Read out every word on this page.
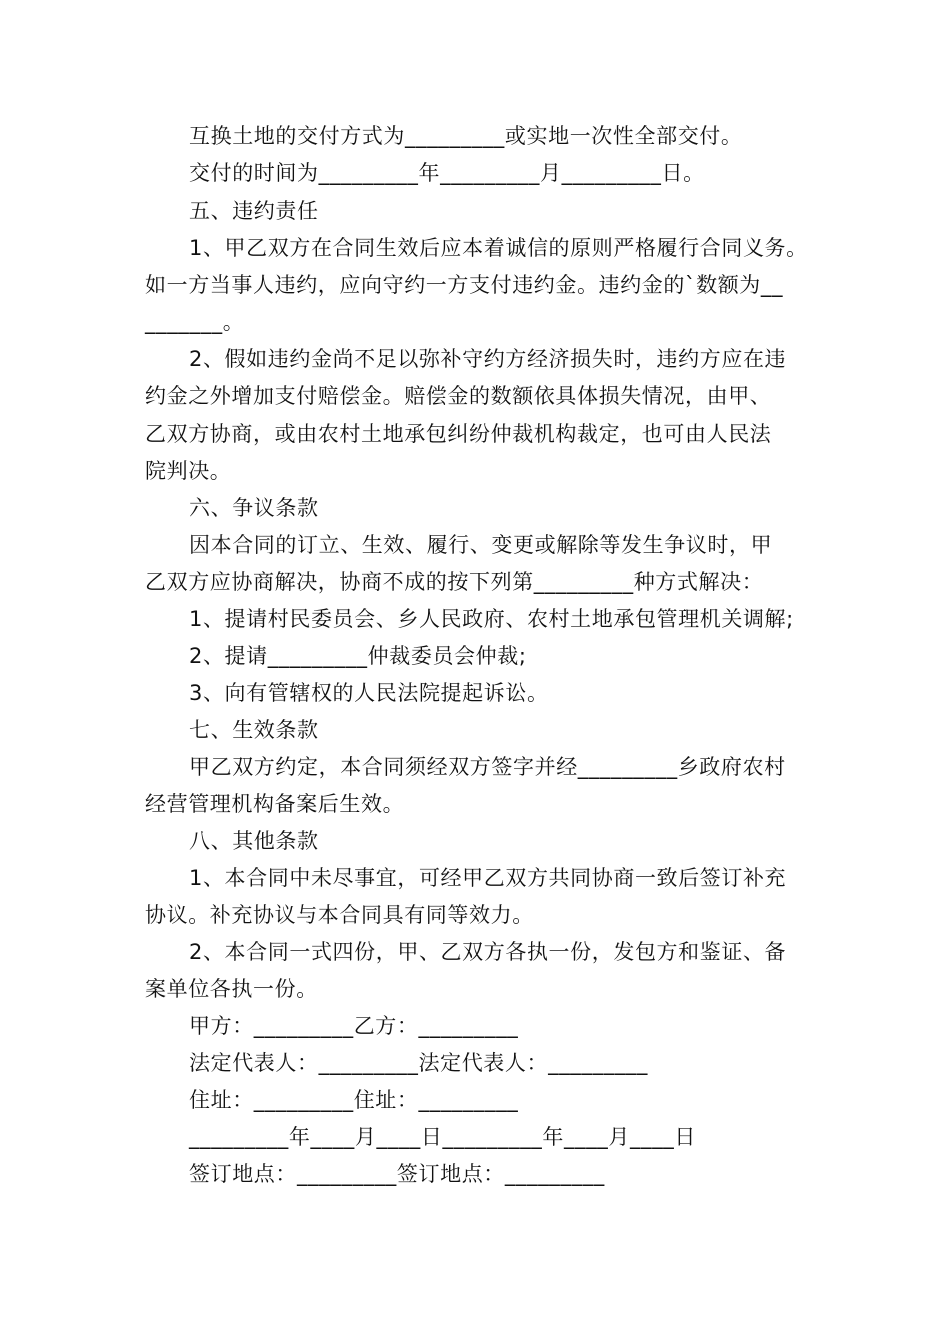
互换土地的交付方式为_________或实地一次性全部交付。
交付的时间为_________年_________月_________日。
五、违约责任
1、甲乙双方在合同生效后应本着诚信的原则严格履行合同义务。
如一方当事人违约，应向守约一方支付违约金。违约金的`数额为__
_______。
2、假如违约金尚不足以弥补守约方经济损失时，违约方应在违
约金之外增加支付赔偿金。赔偿金的数额依具体损失情况，由甲、
乙双方协商，或由农村土地承包纠纷仲裁机构裁定，也可由人民法
院判决。
六、争议条款
因本合同的订立、生效、履行、变更或解除等发生争议时，甲
乙双方应协商解决，协商不成的按下列第_________种方式解决：
1、提请村民委员会、乡人民政府、农村土地承包管理机关调解;
2、提请_________仲裁委员会仲裁;
3、向有管辖权的人民法院提起诉讼。
七、生效条款
甲乙双方约定，本合同须经双方签字并经_________乡政府农村
经营管理机构备案后生效。
八、其他条款
1、本合同中未尽事宜，可经甲乙双方共同协商一致后签订补充
协议。补充协议与本合同具有同等效力。
2、本合同一式四份，甲、乙双方各执一份，发包方和鉴证、备
案单位各执一份。
甲方：_________乙方：_________
法定代表人：_________法定代表人：_________
住址：_________住址：_________
_________年____月____日_________年____月____日
签订地点：_________签订地点：_________
